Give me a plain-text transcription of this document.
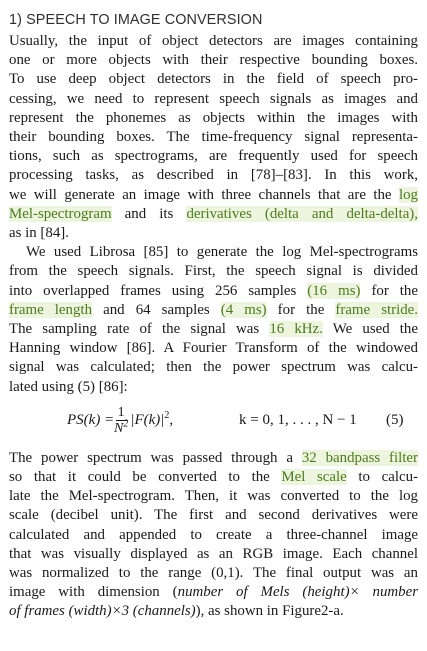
1) SPEECH TO IMAGE CONVERSION
Usually, the input of object detectors are images containing
one or more objects with their respective bounding boxes.
To use deep object detectors in the field of speech pro-
cessing, we need to represent speech signals as images and
represent the phonemes as objects within the images with
their bounding boxes. The time-frequency signal representa-
tions, such as spectrograms, are frequently used for speech
processing tasks, as described in [78]–[83]. In this work,
we will generate an image with three channels that are the log
Mel-spectrogram and its derivatives (delta and delta-delta),
as in [84].
We used Librosa [85] to generate the log Mel-spectrograms
from the speech signals. First, the speech signal is divided
into overlapped frames using 256 samples (16 ms) for the
frame length and 64 samples (4 ms) for the frame stride.
The sampling rate of the signal was 16 kHz. We used the
Hanning window [86]. A Fourier Transform of the windowed
signal was calculated; then the power spectrum was calcu-
lated using (5) [86]:
$PS(k) = \frac{1}{N^2} |F(k)|^2$,	k = 0, 1, . . . , N − 1 (5)
The power spectrum was passed through a 32 bandpass filter
so that it could be converted to the Mel scale to calcu-
late the Mel-spectrogram. Then, it was converted to the log
scale (decibel unit). The first and second derivatives were
calculated and appended to create a three-channel image
that was visually displayed as an RGB image. Each channel
was normalized to the range (0,1). The final output was an
image with dimension (number of Mels (height)× number
of frames (width)×3 (channels)), as shown in Figure2-a.
